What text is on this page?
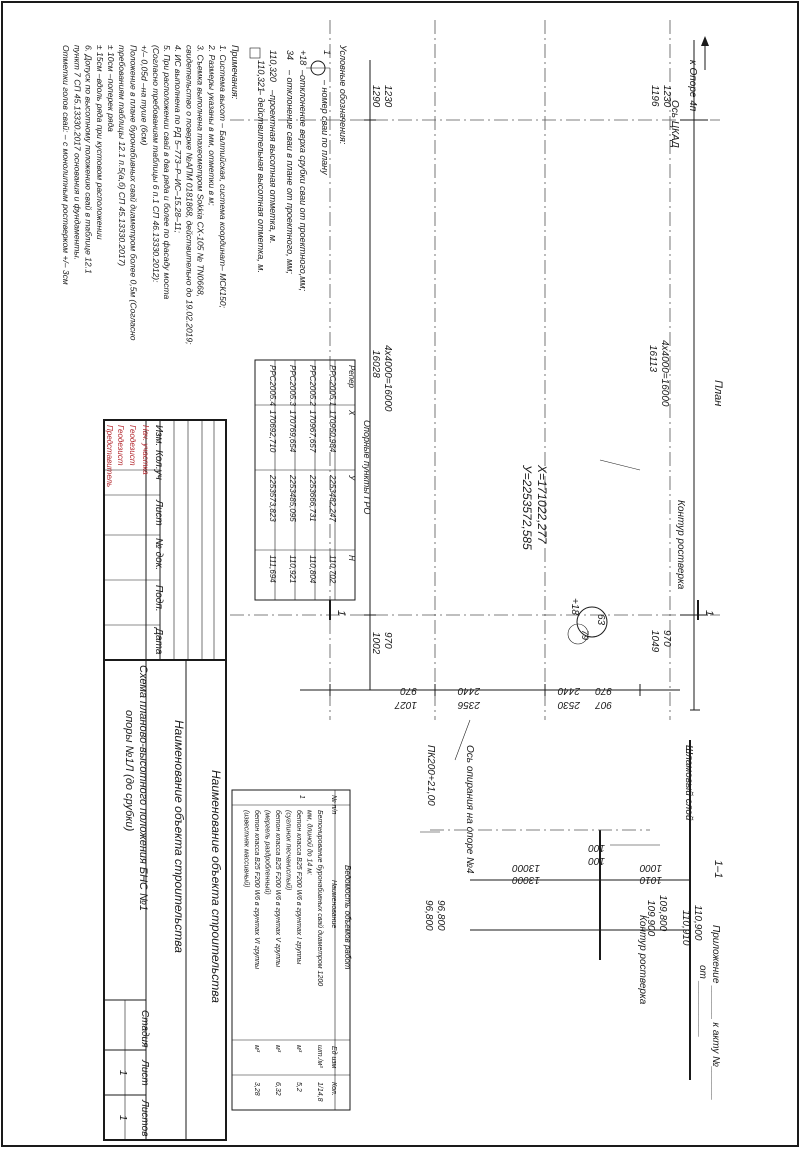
к Опоре 4п
Ось ЦКАД
План
Контур ростверка
4х4000=16000
16113
4х4000=16000
16028
1230
1196
1230
1290
970
1049
970
1002
970
1027
2440
2356
2440
2530
970
907
Х=171022,277
У=2253572,585
63
+18
79
1
1
Ось опирания на опоре №4
ПК200+21,00
Условные обозначения:
1
– номер сваи по плану
+18
–отклонение верха срубки сваи от проектного,мм;
34
– отклонение сваи в плане от проектного, мм;
110,320
–проектная высотная отметка, м.
110,321
– действительная высотная отметка, м.
Примечания:
1. Система высот – Балтийская, система координат– МСК150;
2. Размеры указаны в мм, отметки в м;
3. Съемка выполнена тахеометром Sokkia CX-105 № ТN0668,
свидетельство о поверке №АПМ 0181868, действительно до 19.02.2019;
4. ИС выполнена по РД 5–773–Р–ИС–15.28–11;
5. При расположении свай в два ряда и более по фасаду моста
(Согласно требованиям таблицы 6 п.1 СП 46.13330.2012):
+/– 0,05d –на туше (6см)
Положение в плане буронабивных свай диаметром более 0,5м (Согласно
требованиям таблицы 12.1 п.5(а,б) СП 45.13330.2017)
± 10см –поперек ряда
± 15см –вдоль ряда при кустовом расположении
6. Допуск по высотному положению свай в таблице 12.1
пункт 7 СП 45.13330.2017 основания и фундаменты.
Отметки голов свай: – с монолитным ростверком +/– 3см
Опорные пункты ГРО
Репер
Х
У
Н
РРС2005.1
170950,984
2253482,247
110,702
РРС2005.2
170967,657
2253666,731
110,804
РРС2005.3
170769,654
2253485,095
110,921
РРС2005.4
170692,710
2253573,823
111,694
1–1
100
100
13000
13000
1000
1010
110,900
110,910
109,800
109,900
96,800
96,800	Контур ростверка
Шламовый слой
Приложение ______ к акту №______
от __________
Ведомость объемов работ
№ п/п
Наименование
Ед изм
Кол.
1
Бетонирование буронабивных свай диаметром 1200
мм, длиной до 14 м:
бетон класса В25 F200 W6 в грунтах I группы
(суглинок песчанистый)
бетон класса В25 F200 W6 в грунтах V группы
(мергель раздробленный)
бетон класса В25 F200 W6 в грунтах VI группы
(известняк массивный)
шт./м³
м³
м³
м³
1/14,8
5,2
6,32
3,28
Изм.
Кол.уч
Лист
№ док.
Подп.
Дата
Нач. участка
Геодезист
Геодезист
Представитель
Наименование объекта строительства
Наименование объекта строительства
Схема планово-высотного положения БНС №1
опоры №1Л (до срубки)
Стадия
Лист
Листов
1
1
